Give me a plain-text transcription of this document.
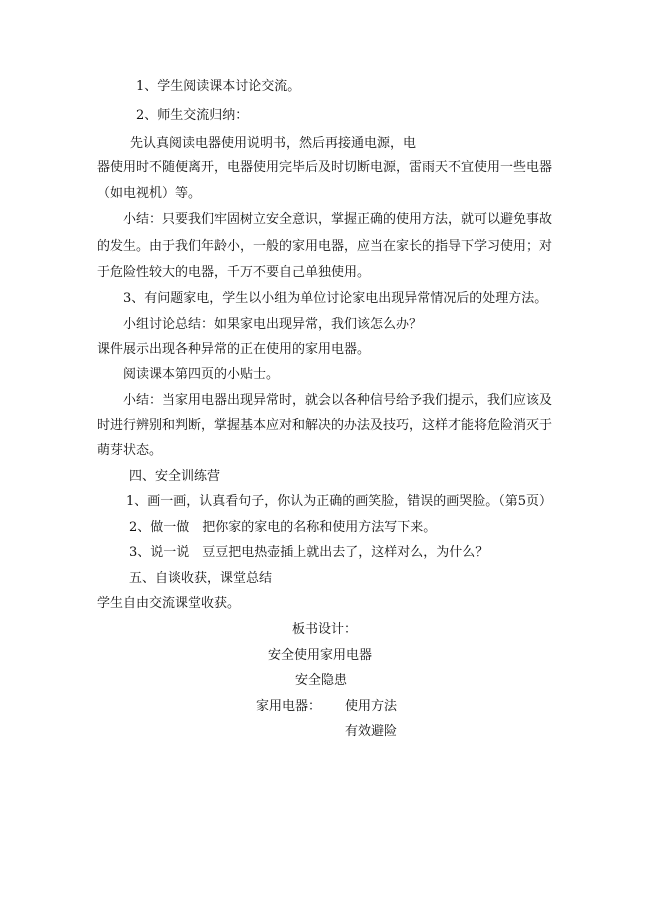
1、学生阅读课本讨论交流。
2、师生交流归纳：
先认真阅读电器使用说明书，然后再接通电源，电
器使用时不随便离开，电器使用完毕后及时切断电源，雷雨天不宜使用一些电器
（如电视机）等。
小结：只要我们牢固树立安全意识，掌握正确的使用方法，就可以避免事故
的发生。由于我们年龄小，一般的家用电器，应当在家长的指导下学习使用；对
于危险性较大的电器，千万不要自己单独使用。
3、有问题家电，学生以小组为单位讨论家电出现异常情况后的处理方法。
小组讨论总结：如果家电出现异常，我们该怎么办？
课件展示出现各种异常的正在使用的家用电器。
阅读课本第四页的小贴士。
小结：当家用电器出现异常时，就会以各种信号给予我们提示，我们应该及
时进行辨别和判断，掌握基本应对和解决的办法及技巧，这样才能将危险消灭于
萌芽状态。
四、安全训练营
1、画一画，认真看句子，你认为正确的画笑脸，错误的画哭脸。（第5页）
2、做一做　把你家的家电的名称和使用方法写下来。
3、说一说　豆豆把电热壶插上就出去了，这样对么，为什么？
五、自谈收获，课堂总结
学生自由交流课堂收获。
板书设计：
安全使用家用电器
安全隐患
家用电器： 使用方法
有效避险
